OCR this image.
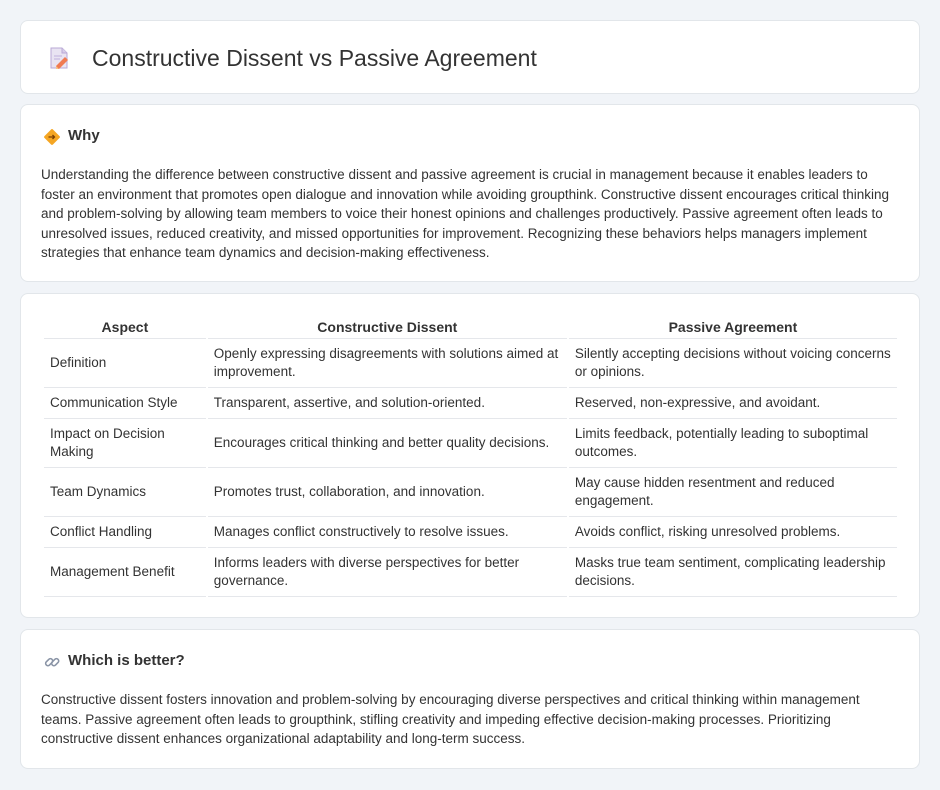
Constructive Dissent vs Passive Agreement
Why

Understanding the difference between constructive dissent and passive agreement is crucial in management because it enables leaders to foster an environment that promotes open dialogue and innovation while avoiding groupthink. Constructive dissent encourages critical thinking and problem-solving by allowing team members to voice their honest opinions and challenges productively. Passive agreement often leads to unresolved issues, reduced creativity, and missed opportunities for improvement. Recognizing these behaviors helps managers implement strategies that enhance team dynamics and decision-making effectiveness.

Aspect	Constructive Dissent	Passive Agreement
Definition	Openly expressing disagreements with solutions aimed at improvement.	Silently accepting decisions without voicing concerns or opinions.
Communication Style	Transparent, assertive, and solution-oriented.	Reserved, non-expressive, and avoidant.
Impact on Decision Making	Encourages critical thinking and better quality decisions.	Limits feedback, potentially leading to suboptimal outcomes.
Team Dynamics	Promotes trust, collaboration, and innovation.	May cause hidden resentment and reduced engagement.
Conflict Handling	Manages conflict constructively to resolve issues.	Avoids conflict, risking unresolved problems.
Management Benefit	Informs leaders with diverse perspectives for better governance.	Masks true team sentiment, complicating leadership decisions.
Which is better?

Constructive dissent fosters innovation and problem-solving by encouraging diverse perspectives and critical thinking within management teams. Passive agreement often leads to groupthink, stifling creativity and impeding effective decision-making processes. Prioritizing constructive dissent enhances organizational adaptability and long-term success.
